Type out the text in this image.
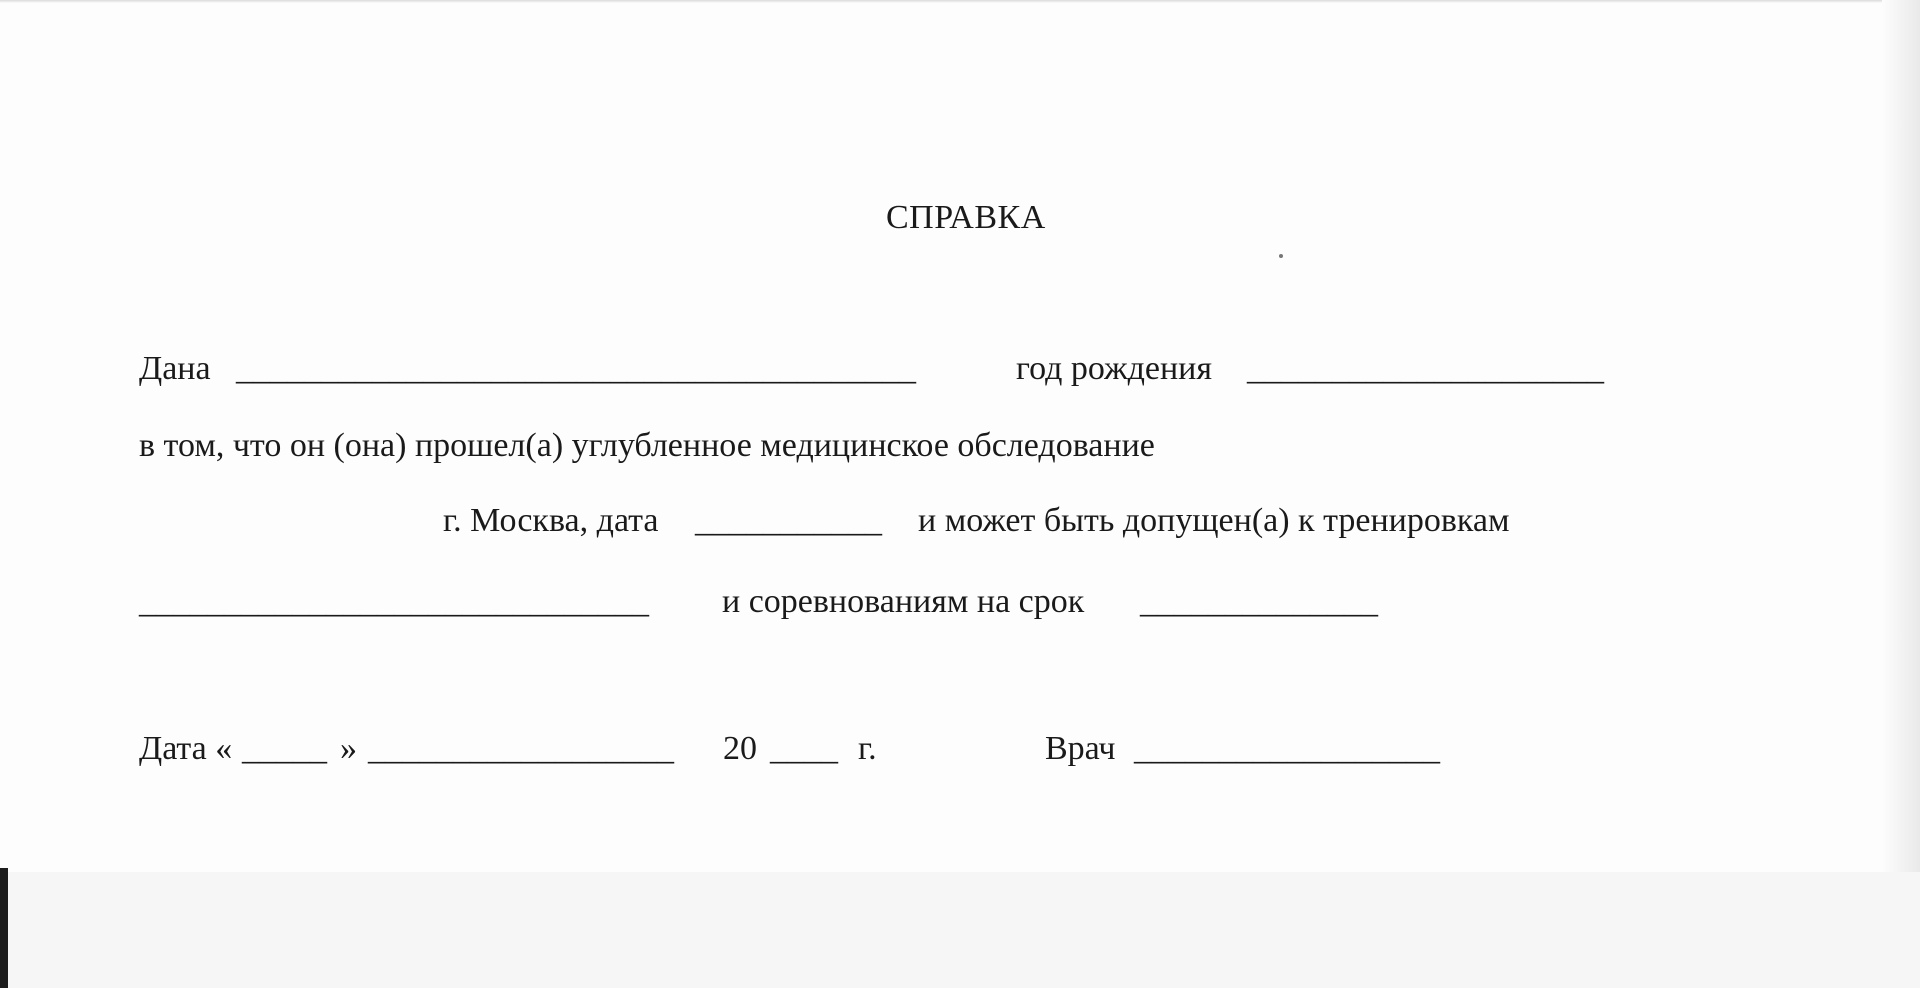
СПРАВКА
Дана ________________________________________	год рождения _____________________
в том, что он (она) прошел(а) углубленное медицинское обследование
г. Москва, дата ___________ и может быть допущен(а) к тренировкам
______________________________ и соревнованиям на срок ______________
Дата « _____ » __________________ 20 ____ г.	Врач __________________
